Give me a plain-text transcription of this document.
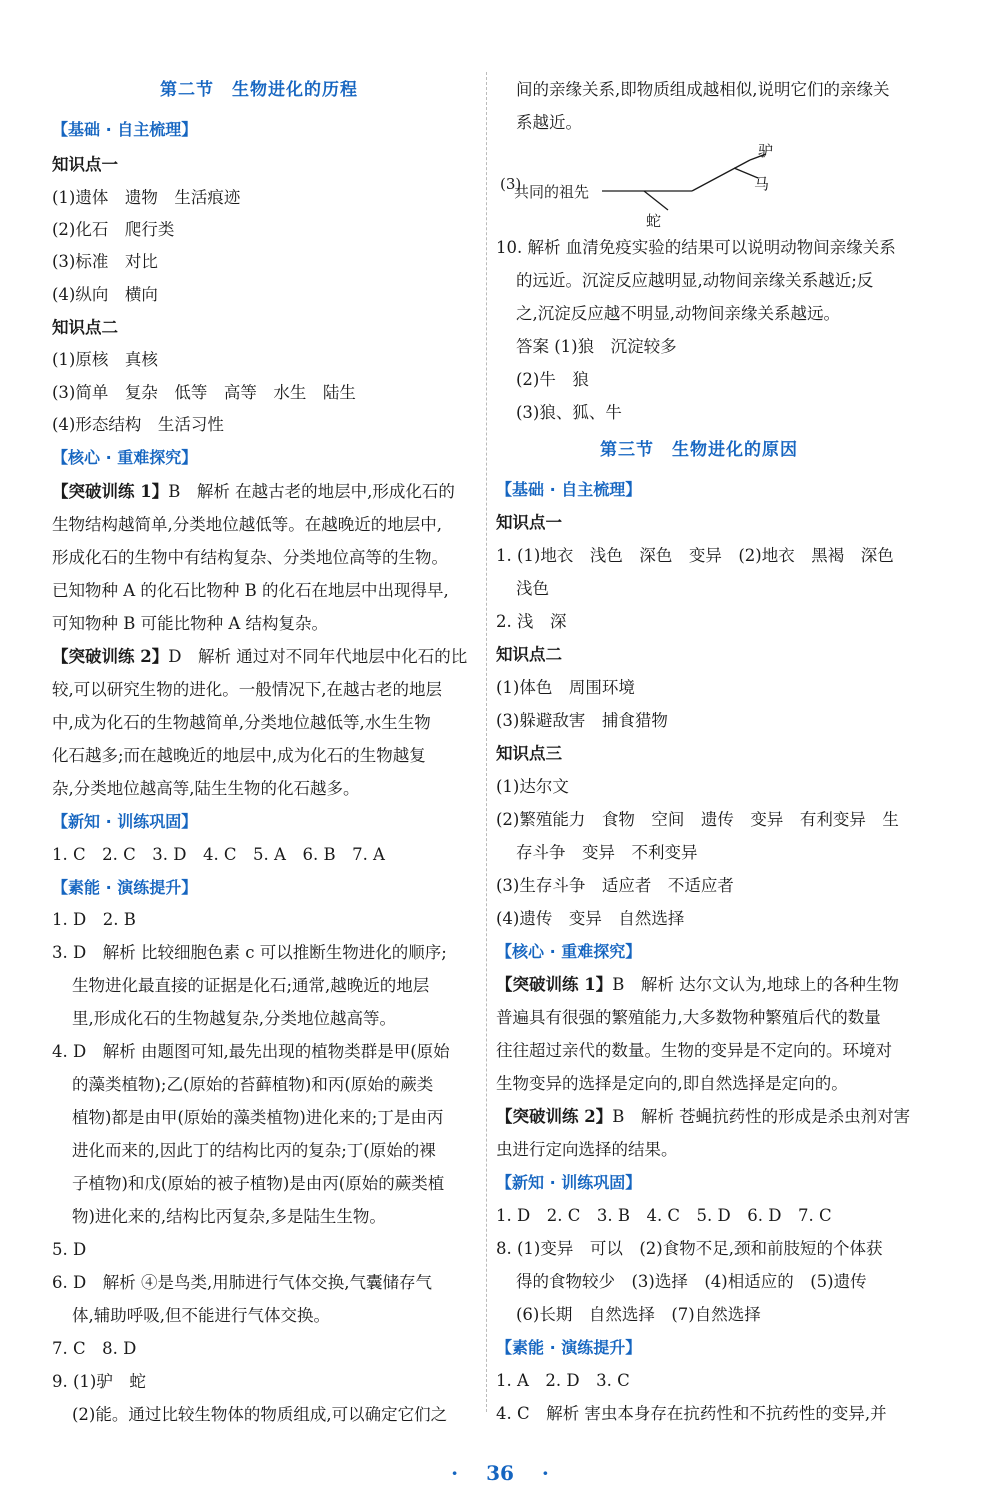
第二节　生物进化的历程
【基础 · 自主梳理】
知识点一
(1)遗体　遗物　生活痕迹
(2)化石　爬行类
(3)标准　对比
(4)纵向　横向
知识点二
(1)原核　真核
(3)简单　复杂　低等　高等　水生　陆生
(4)形态结构　生活习性
【核心 · 重难探究】
【突破训练 1】B　解析 在越古老的地层中,形成化石的
生物结构越简单,分类地位越低等。在越晚近的地层中,
形成化石的生物中有结构复杂、分类地位高等的生物。
已知物种 A 的化石比物种 B 的化石在地层中出现得早,
可知物种 B 可能比物种 A 结构复杂。
【突破训练 2】D　解析 通过对不同年代地层中化石的比
较,可以研究生物的进化。一般情况下,在越古老的地层
中,成为化石的生物越简单,分类地位越低等,水生生物
化石越多;而在越晚近的地层中,成为化石的生物越复
杂,分类地位越高等,陆生生物的化石越多。
【新知 · 训练巩固】
1. C　2. C　3. D　4. C　5. A　6. B　7. A
【素能 · 演练提升】
1. D　2. B
3. D　解析 比较细胞色素 c 可以推断生物进化的顺序;
生物进化最直接的证据是化石;通常,越晚近的地层
里,形成化石的生物越复杂,分类地位越高等。
4. D　解析 由题图可知,最先出现的植物类群是甲(原始
的藻类植物);乙(原始的苔藓植物)和丙(原始的蕨类
植物)都是由甲(原始的藻类植物)进化来的;丁是由丙
进化而来的,因此丁的结构比丙的复杂;丁(原始的裸
子植物)和戊(原始的被子植物)是由丙(原始的蕨类植
物)进化来的,结构比丙复杂,多是陆生生物。
5. D
6. D　解析 ④是鸟类,用肺进行气体交换,气囊储存气
体,辅助呼吸,但不能进行气体交换。
7. C　8. D
9. (1)驴　蛇
(2)能。通过比较生物体的物质组成,可以确定它们之
(3)
共同的祖先
驴
马
蛇
间的亲缘关系,即物质组成越相似,说明它们的亲缘关
系越近。
10. 解析 血清免疫实验的结果可以说明动物间亲缘关系
的远近。沉淀反应越明显,动物间亲缘关系越近;反
之,沉淀反应越不明显,动物间亲缘关系越远。
答案 (1)狼　沉淀较多
(2)牛　狼
(3)狼、狐、牛
第三节　生物进化的原因
【基础 · 自主梳理】
知识点一
1. (1)地衣　浅色　深色　变异　(2)地衣　黑褐　深色
浅色
2. 浅　深
知识点二
(1)体色　周围环境
(3)躲避敌害　捕食猎物
知识点三
(1)达尔文
(2)繁殖能力　食物　空间　遗传　变异　有利变异　生
存斗争　变异　不利变异
(3)生存斗争　适应者　不适应者
(4)遗传　变异　自然选择
【核心 · 重难探究】
【突破训练 1】B　解析 达尔文认为,地球上的各种生物
普遍具有很强的繁殖能力,大多数物种繁殖后代的数量
往往超过亲代的数量。生物的变异是不定向的。环境对
生物变异的选择是定向的,即自然选择是定向的。
【突破训练 2】B　解析 苍蝇抗药性的形成是杀虫剂对害
虫进行定向选择的结果。
【新知 · 训练巩固】
1. D　2. C　3. B　4. C　5. D　6. D　7. C
8. (1)变异　可以　(2)食物不足,颈和前肢短的个体获
得的食物较少　(3)选择　(4)相适应的　(5)遗传
(6)长期　自然选择　(7)自然选择
【素能 · 演练提升】
1. A　2. D　3. C
4. C　解析 害虫本身存在抗药性和不抗药性的变异,并
· 36 ·
